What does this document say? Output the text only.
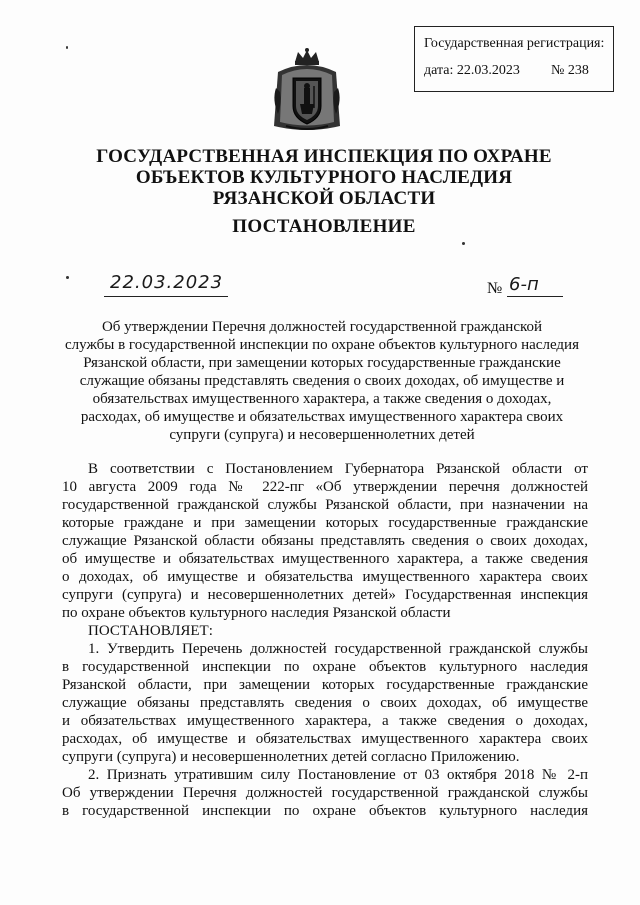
Государственная регистрация:
дата: 22.03.2023 № 238
ГОСУДАРСТВЕННАЯ ИНСПЕКЦИЯ ПО ОХРАНЕ
ОБЪЕКТОВ КУЛЬТУРНОГО НАСЛЕДИЯ
РЯЗАНСКОЙ ОБЛАСТИ
ПОСТАНОВЛЕНИЕ
22.03.2023	№ 6-п
Об утверждении Перечня должностей государственной гражданской
службы в государственной инспекции по охране объектов культурного наследия
Рязанской области, при замещении которых государственные гражданские
служащие обязаны представлять сведения о своих доходах, об имуществе и
обязательствах имущественного характера, а также сведения о доходах,
расходах, об имуществе и обязательствах имущественного характера своих
супруги (супруга) и несовершеннолетних детей
В соответствии с Постановлением Губернатора Рязанской области от
10 августа 2009 года № 222-пг «Об утверждении перечня должностей
государственной гражданской службы Рязанской области, при назначении на
которые граждане и при замещении которых государственные гражданские
служащие Рязанской области обязаны представлять сведения о своих доходах,
об имуществе и обязательствах имущественного характера, а также сведения
о доходах, об имуществе и обязательства имущественного характера своих
супруги (супруга) и несовершеннолетних детей» Государственная инспекция
по охране объектов культурного наследия Рязанской области
ПОСТАНОВЛЯЕТ:
1. Утвердить Перечень должностей государственной гражданской службы
в государственной инспекции по охране объектов культурного наследия
Рязанской области, при замещении которых государственные гражданские
служащие обязаны представлять сведения о своих доходах, об имуществе
и обязательствах имущественного характера, а также сведения о доходах,
расходах, об имуществе и обязательствах имущественного характера своих
супруги (супруга) и несовершеннолетних детей согласно Приложению.
2. Признать утратившим силу Постановление от 03 октября 2018 № 2-п
Об утверждении Перечня должностей государственной гражданской службы
в государственной инспекции по охране объектов культурного наследия
